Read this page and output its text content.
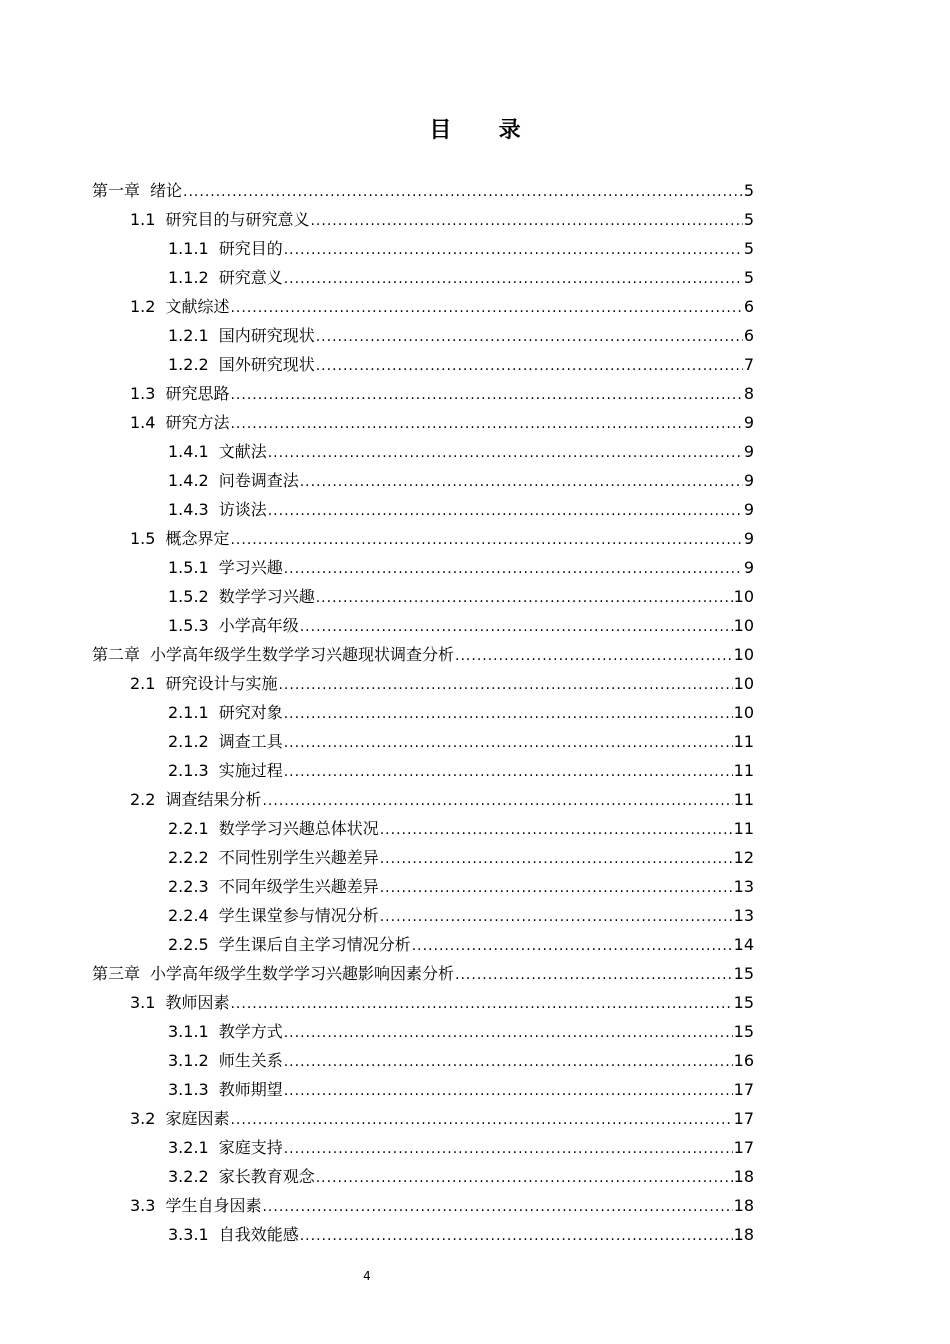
目 录
第一章 绪论 .....	5
1.1 研究目的与研究意义 .....	5
1.1.1 研究目的 .....	5
1.1.2 研究意义 .....	5
1.2 文献综述 .....	6
1.2.1 国内研究现状 .....	6
1.2.2 国外研究现状 .....	7
1.3 研究思路 .....	8
1.4 研究方法 .....	9
1.4.1 文献法 .....	9
1.4.2 问卷调查法 .....	9
1.4.3 访谈法 .....	9
1.5 概念界定 .....	9
1.5.1 学习兴趣 .....	9
1.5.2 数学学习兴趣 .....	10
1.5.3 小学高年级 .....	10
第二章 小学高年级学生数学学习兴趣现状调查分析 .....	10
2.1 研究设计与实施 .....	10
2.1.1 研究对象 .....	10
2.1.2 调查工具 .....	11
2.1.3 实施过程 .....	11
2.2 调查结果分析 .....	11
2.2.1 数学学习兴趣总体状况 .....	11
2.2.2 不同性别学生兴趣差异 .....	12
2.2.3 不同年级学生兴趣差异 .....	13
2.2.4 学生课堂参与情况分析 .....	13
2.2.5 学生课后自主学习情况分析 .....	14
第三章 小学高年级学生数学学习兴趣影响因素分析 .....	15
3.1 教师因素 .....	15
3.1.1 教学方式 .....	15
3.1.2 师生关系 .....	16
3.1.3 教师期望 .....	17
3.2 家庭因素 .....	17
3.2.1 家庭支持 .....	17
3.2.2 家长教育观念 .....	18
3.3 学生自身因素 .....	18
3.3.1 自我效能感 .....	18
4
